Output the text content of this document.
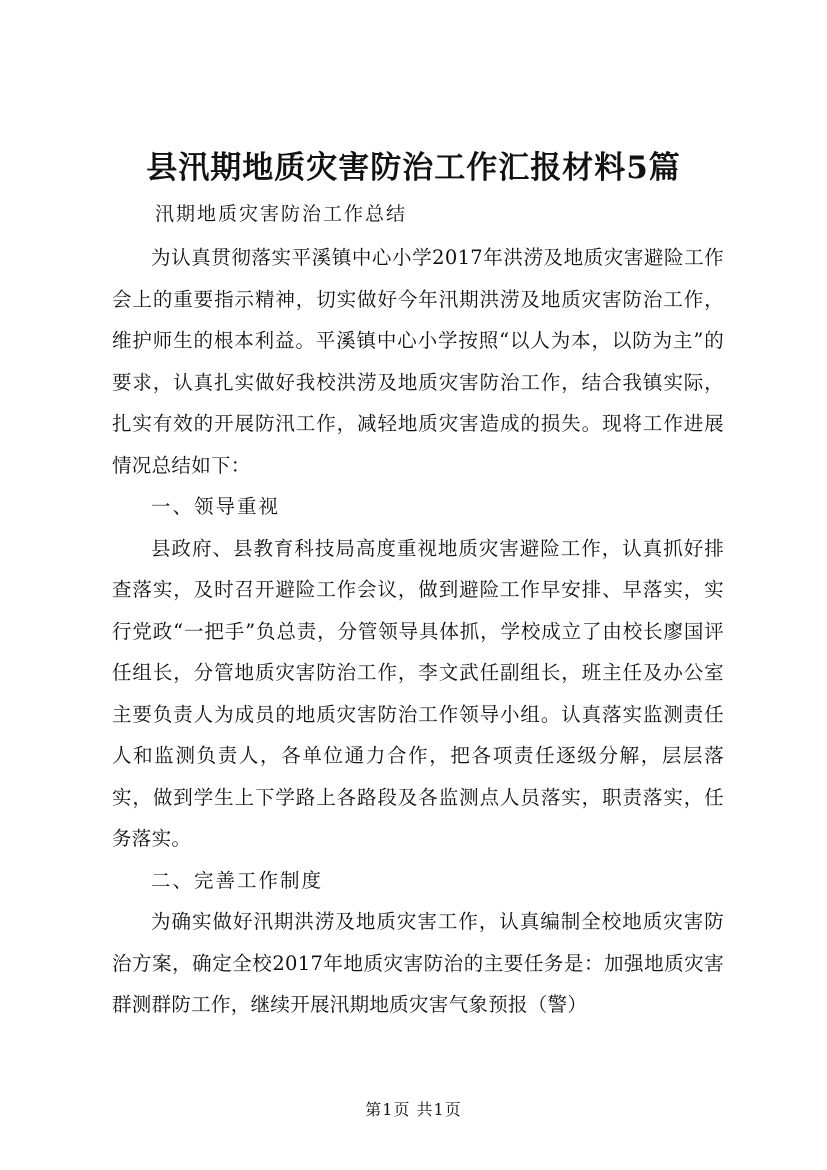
县汛期地质灾害防治工作汇报材料5篇
汛期地质灾害防治工作总结

为认真贯彻落实平溪镇中心小学2017年洪涝及地质灾害避险工作会上的重要指示精神，切实做好今年汛期洪涝及地质灾害防治工作，维护师生的根本利益。平溪镇中心小学按照“以人为本，以防为主”的要求，认真扎实做好我校洪涝及地质灾害防治工作，结合我镇实际，扎实有效的开展防汛工作，减轻地质灾害造成的损失。现将工作进展情况总结如下：

一、领导重视

县政府、县教育科技局高度重视地质灾害避险工作，认真抓好排查落实，及时召开避险工作会议，做到避险工作早安排、早落实，实行党政“一把手”负总责，分管领导具体抓，学校成立了由校长廖国评任组长，分管地质灾害防治工作，李文武任副组长，班主任及办公室主要负责人为成员的地质灾害防治工作领导小组。认真落实监测责任人和监测负责人，各单位通力合作，把各项责任逐级分解，层层落实，做到学生上下学路上各路段及各监测点人员落实，职责落实，任务落实。

二、完善工作制度

为确实做好汛期洪涝及地质灾害工作，认真编制全校地质灾害防治方案，确定全校2017年地质灾害防治的主要任务是：加强地质灾害群测群防工作，继续开展汛期地质灾害气象预报（警）

第1页 共1页
